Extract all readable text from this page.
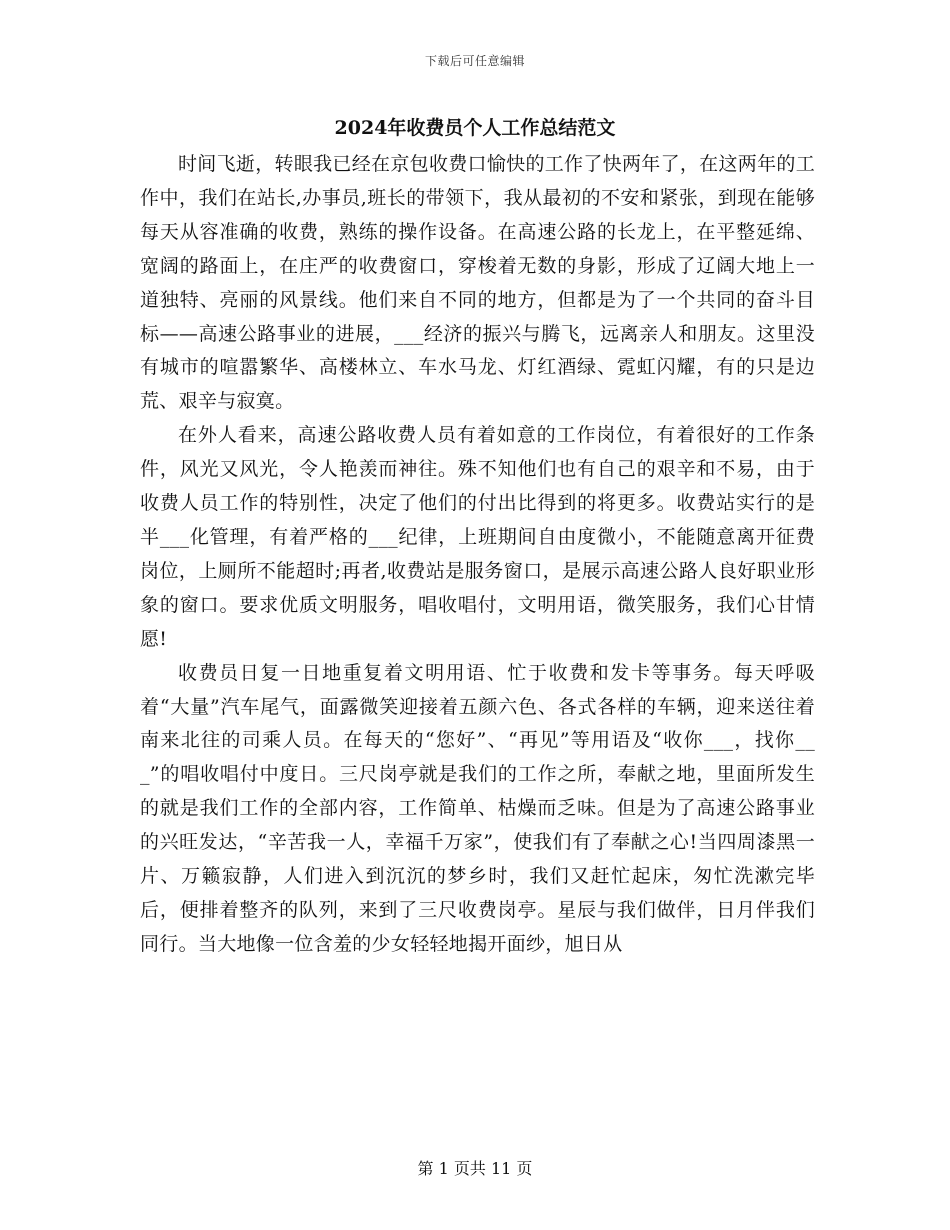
下载后可任意编辑
2024年收费员个人工作总结范文

时间飞逝，转眼我已经在京包收费口愉快的工作了快两年了，在这两年的工作中，我们在站长,办事员,班长的带领下，我从最初的不安和紧张，到现在能够每天从容准确的收费，熟练的操作设备。在高速公路的长龙上，在平整延绵、宽阔的路面上，在庄严的收费窗口，穿梭着无数的身影，形成了辽阔大地上一道独特、亮丽的风景线。他们来自不同的地方，但都是为了一个共同的奋斗目标——高速公路事业的进展，___经济的振兴与腾飞，远离亲人和朋友。这里没有城市的喧嚣繁华、高楼林立、车水马龙、灯红酒绿、霓虹闪耀，有的只是边荒、艰辛与寂寞。

在外人看来，高速公路收费人员有着如意的工作岗位，有着很好的工作条件，风光又风光，令人艳羡而神往。殊不知他们也有自己的艰辛和不易，由于收费人员工作的特别性，决定了他们的付出比得到的将更多。收费站实行的是半___化管理，有着严格的___纪律，上班期间自由度微小，不能随意离开征费岗位，上厕所不能超时;再者,收费站是服务窗口，是展示高速公路人良好职业形象的窗口。要求优质文明服务，唱收唱付，文明用语，微笑服务，我们心甘情愿!

收费员日复一日地重复着文明用语、忙于收费和发卡等事务。每天呼吸着“大量”汽车尾气，面露微笑迎接着五颜六色、各式各样的车辆，迎来送往着南来北往的司乘人员。在每天的“您好”、“再见”等用语及“收你___，找你___”的唱收唱付中度日。三尺岗亭就是我们的工作之所，奉献之地，里面所发生的就是我们工作的全部内容，工作简单、枯燥而乏味。但是为了高速公路事业的兴旺发达，“辛苦我一人，幸福千万家”，使我们有了奉献之心!当四周漆黑一片、万籁寂静，人们进入到沉沉的梦乡时，我们又赶忙起床，匆忙洗漱完毕后，便排着整齐的队列，来到了三尺收费岗亭。星辰与我们做伴，日月伴我们同行。当大地像一位含羞的少女轻轻地揭开面纱，旭日从

第 1 页共 11 页
